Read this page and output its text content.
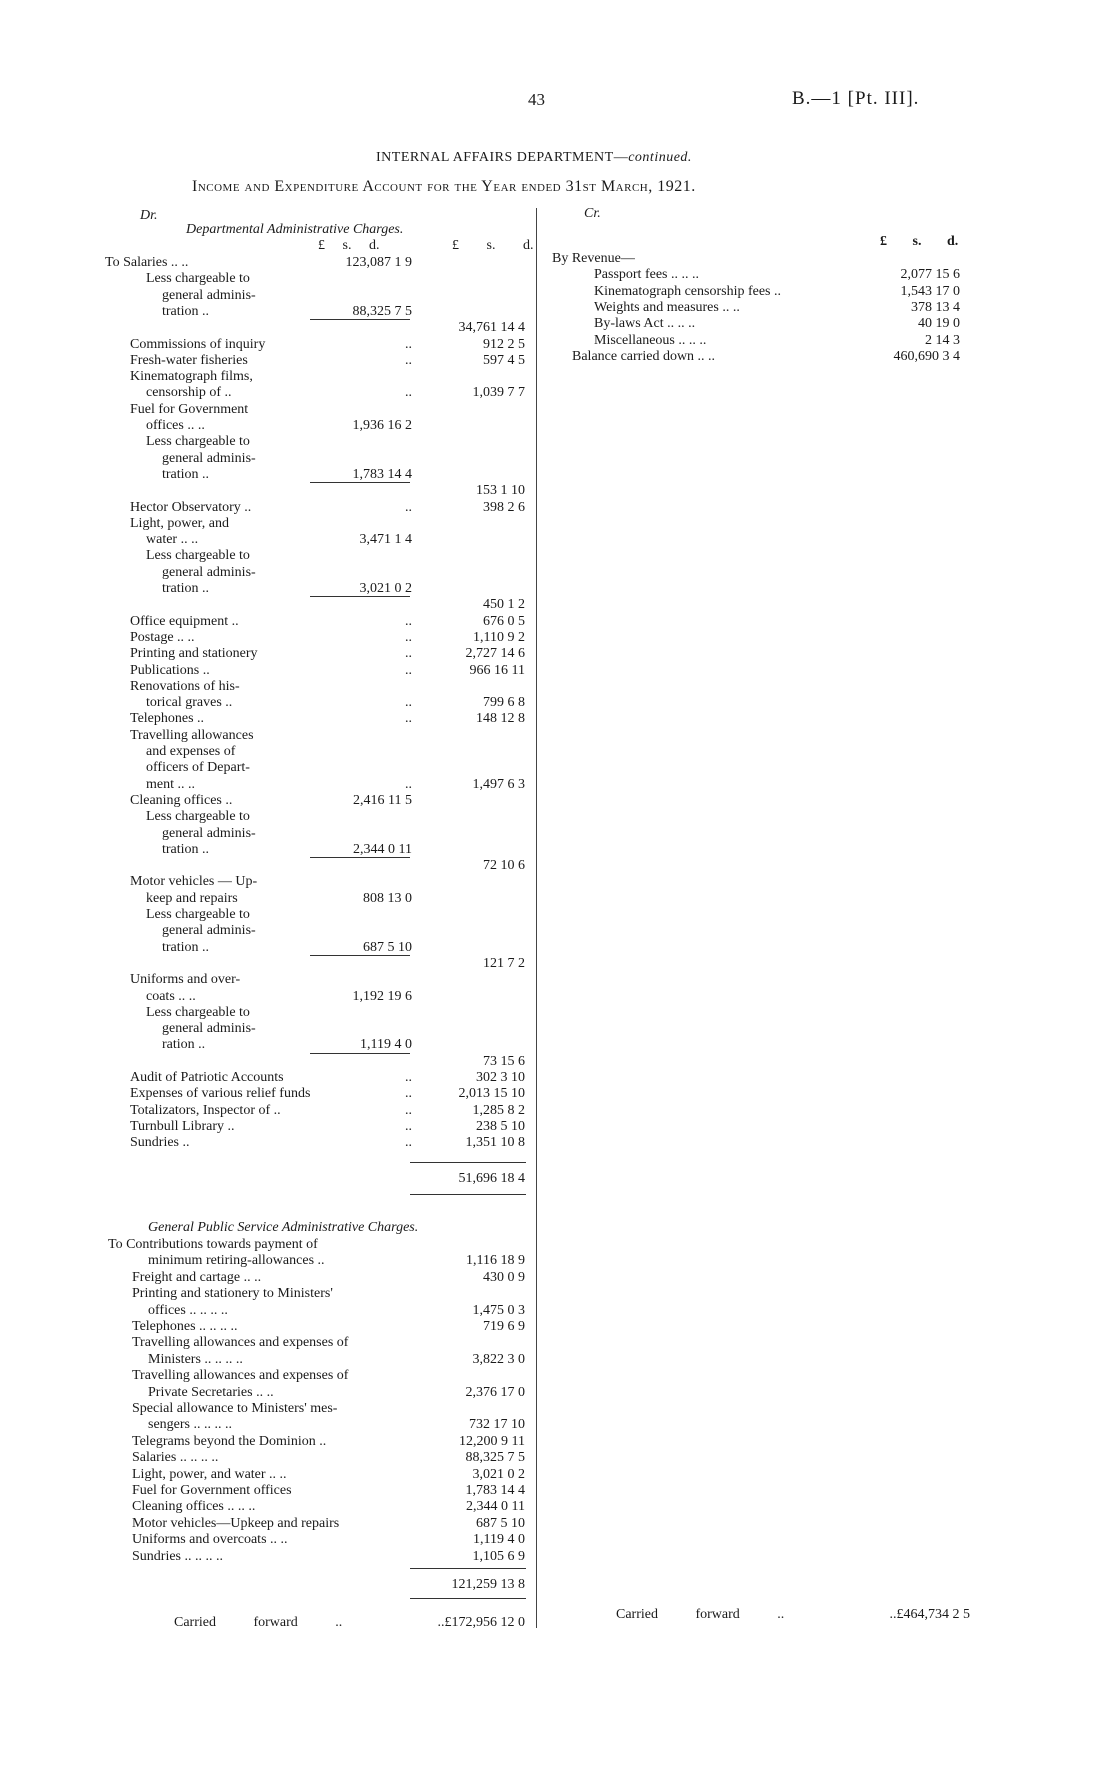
43	B.—1 [Pt. III].
INTERNAL AFFAIRS DEPARTMENT—continued.
Income and Expenditure Account for the Year ended 31st March, 1921.
Dr.	Cr.
Departmental Administrative Charges.
£ s. d.	£ s. d.
To Salaries .. ..	123,087 1 9
Less chargeable to
general adminis-
tration ..	88,325 7 5
34,761 14 4
Commissions of inquiry	..	912 2 5
Fresh-water fisheries	..	597 4 5
Kinematograph films,
censorship of ..	..	1,039 7 7
Fuel for Government
offices .. ..	1,936 16 2
Less chargeable to
general adminis-
tration ..	1,783 14 4
153 1 10
Hector Observatory ..	..	398 2 6
Light, power, and
water .. ..	3,471 1 4
Less chargeable to
general adminis-
tration ..	3,021 0 2
450 1 2
Office equipment ..	..	676 0 5
Postage .. ..	..	1,110 9 2
Printing and stationery	..	2,727 14 6
Publications ..	..	966 16 11
Renovations of his-
torical graves ..	..	799 6 8
Telephones ..	..	148 12 8
Travelling allowances
and expenses of
officers of Depart-
ment .. ..	..	1,497 6 3
Cleaning offices ..	2,416 11 5
Less chargeable to
general adminis-
tration ..	2,344 0 11
72 10 6
Motor vehicles — Up-
keep and repairs	808 13 0
Less chargeable to
general adminis-
tration ..	687 5 10
121 7 2
Uniforms and over-
coats .. ..	1,192 19 6
Less chargeable to
general adminis-
ration ..	1,119 4 0
73 15 6
Audit of Patriotic Accounts	..	302 3 10
Expenses of various relief funds	..	2,013 15 10
Totalizators, Inspector of ..	..	1,285 8 2
Turnbull Library ..	..	238 5 10
Sundries ..	..	1,351 10 8
51,696 18 4
General Public Service Administrative Charges.
To Contributions towards payment of
minimum retiring-allowances ..	1,116 18 9
Freight and cartage .. ..	430 0 9
Printing and stationery to Ministers'
offices .. .. .. ..	1,475 0 3
Telephones .. .. .. ..	719 6 9
Travelling allowances and expenses of
Ministers .. .. .. ..	3,822 3 0
Travelling allowances and expenses of
Private Secretaries .. ..	2,376 17 0
Special allowance to Ministers' mes-
sengers .. .. .. ..	732 17 10
Telegrams beyond the Dominion ..	12,200 9 11
Salaries .. .. .. ..	88,325 7 5
Light, power, and water .. ..	3,021 0 2
Fuel for Government offices	1,783 14 4
Cleaning offices .. .. ..	2,344 0 11
Motor vehicles—Upkeep and repairs	687 5 10
Uniforms and overcoats .. ..	1,119 4 0
Sundries .. .. .. ..	1,105 6 9
121,259 13 8
Carried forward ..	..£172,956 12 0
£ s. d.
By Revenue—
Passport fees .. .. ..	2,077 15 6
Kinematograph censorship fees ..	1,543 17 0
Weights and measures .. ..	378 13 4
By-laws Act .. .. ..	40 19 0
Miscellaneous .. .. ..	2 14 3
Balance carried down .. ..	460,690 3 4
Carried forward ..	..£464,734 2 5
